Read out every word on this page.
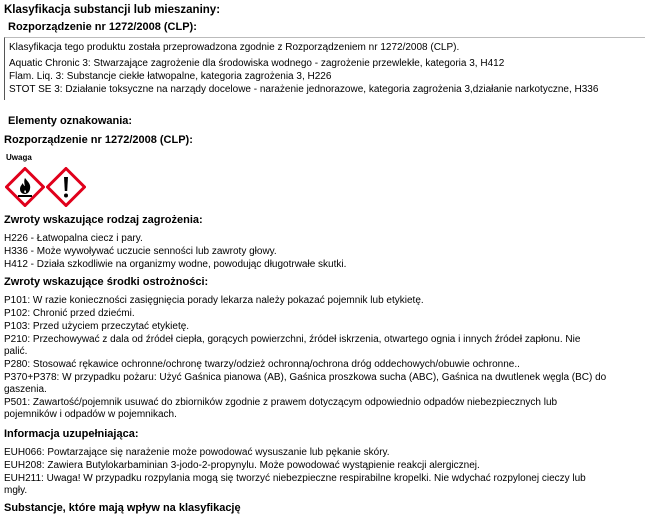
Klasyfikacja substancji lub mieszaniny:
Rozporządzenie nr 1272/2008 (CLP):
Klasyfikacja tego produktu została przeprowadzona zgodnie z Rozporządzeniem nr 1272/2008 (CLP).
Aquatic Chronic 3: Stwarzające zagrożenie dla środowiska wodnego - zagrożenie przewlekłe, kategoria 3, H412
Flam. Liq. 3: Substancje ciekłe łatwopalne, kategoria zagrożenia 3, H226
STOT SE 3: Działanie toksyczne na narządy docelowe - narażenie jednorazowe, kategoria zagrożenia 3,działanie narkotyczne, H336
Elementy oznakowania:
Rozporządzenie nr 1272/2008 (CLP):
Uwaga
Zwroty wskazujące rodzaj zagrożenia:
H226 - Łatwopalna ciecz i pary.
H336 - Może wywoływać uczucie senności lub zawroty głowy.
H412 - Działa szkodliwie na organizmy wodne, powodując długotrwałe skutki.
Zwroty wskazujące środki ostrożności:
P101: W razie konieczności zasięgnięcia porady lekarza należy pokazać pojemnik lub etykietę.
P102: Chronić przed dziećmi.
P103: Przed użyciem przeczytać etykietę.
P210: Przechowywać z dala od źródeł ciepła, gorących powierzchni, źródeł iskrzenia, otwartego ognia i innych źródeł zapłonu. Nie
palić.
P280: Stosować rękawice ochronne/ochronę twarzy/odzież ochronną/ochrona dróg oddechowych/obuwie ochronne..
P370+P378: W przypadku pożaru: Użyć Gaśnica pianowa (AB), Gaśnica proszkowa sucha (ABC), Gaśnica na dwutlenek węgla (BC) do
gaszenia.
P501: Zawartość/pojemnik usuwać do zbiorników zgodnie z prawem dotyczącym odpowiednio odpadów niebezpiecznych lub
pojemników i odpadów w pojemnikach.
Informacja uzupełniająca:
EUH066: Powtarzające się narażenie może powodować wysuszanie lub pękanie skóry.
EUH208: Zawiera Butylokarbaminian 3-jodo-2-propynylu. Może powodować wystąpienie reakcji alergicznej.
EUH211: Uwaga! W przypadku rozpylania mogą się tworzyć niebezpieczne respirabilne kropelki. Nie wdychać rozpylonej cieczy lub
mgły.
Substancje, które mają wpływ na klasyfikację
